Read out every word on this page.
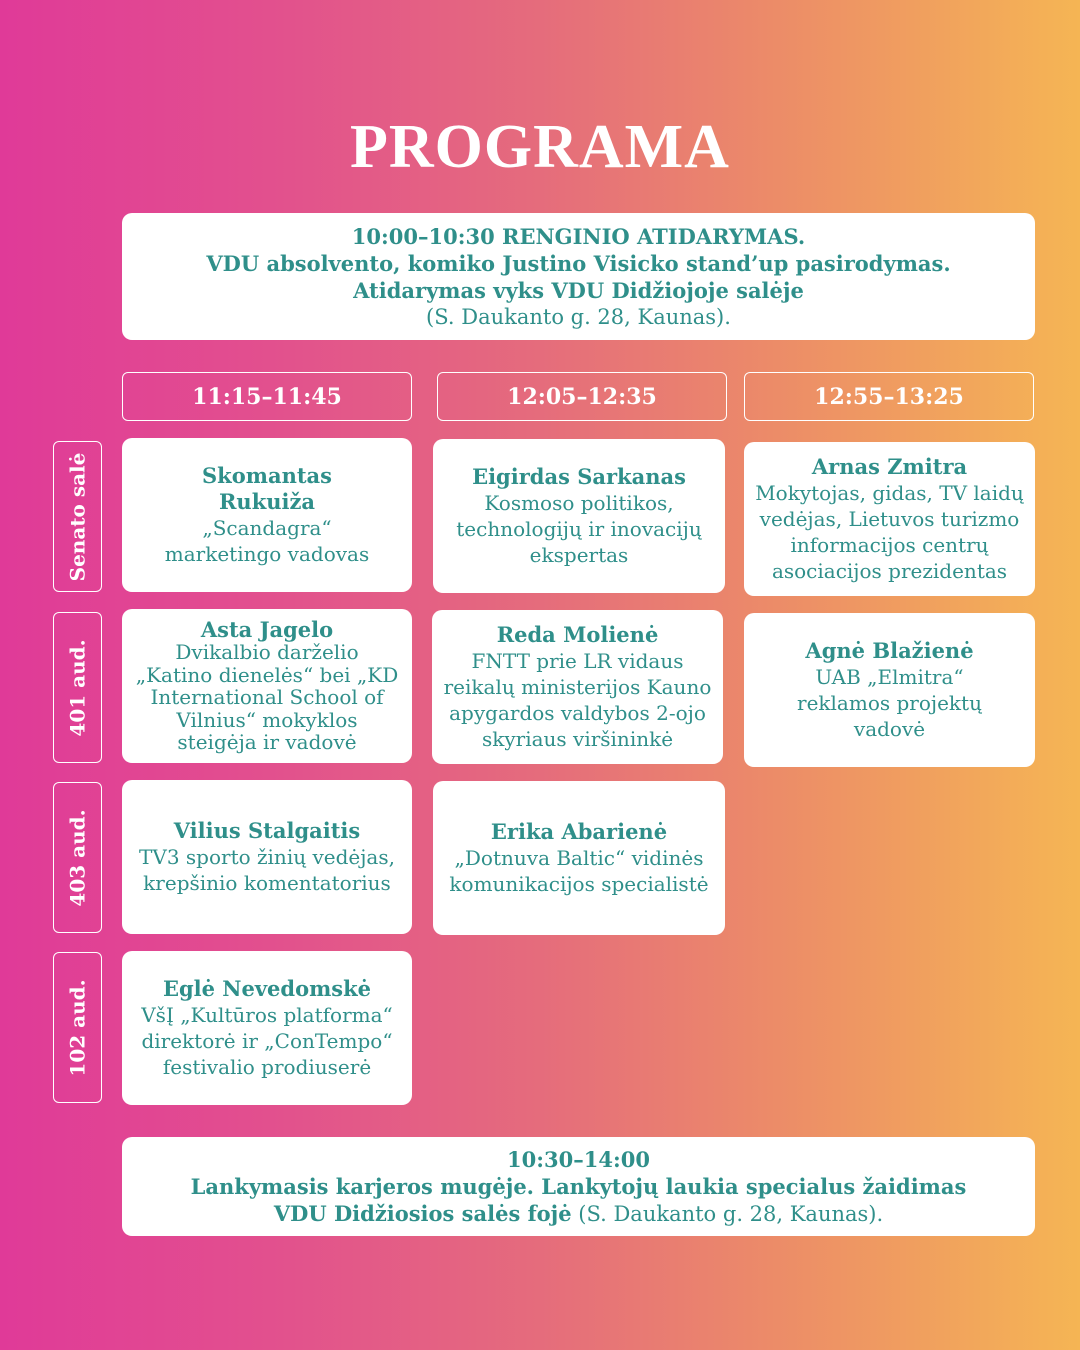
PROGRAMA
10:00–10:30 RENGINIO ATIDARYMAS.
VDU absolvento, komiko Justino Visicko stand’up pasirodymas.
Atidarymas vyks VDU Didžiojoje salėje
(S. Daukanto g. 28, Kaunas).
11:15–11:45	12:05–12:35	12:55–13:25
Senato salė
401 aud.
403 aud.
102 aud.
Skomantas Rukuiža
„Scandagra“ marketingo vadovas
Eigirdas Sarkanas
Kosmoso politikos, technologijų ir inovacijų ekspertas
Arnas Zmitra
Mokytojas, gidas, TV laidų vedėjas, Lietuvos turizmo informacijos centrų asociacijos prezidentas
Asta Jagelo
Dvikalbio darželio „Katino dienelės“ bei „KD International School of Vilnius“ mokyklos steigėja ir vadovė
Reda Molienė
FNTT prie LR vidaus reikalų ministerijos Kauno apygardos valdybos 2-ojo skyriaus viršininkė
Agnė Blažienė
UAB „Elmitra“ reklamos projektų vadovė
Vilius Stalgaitis
TV3 sporto žinių vedėjas, krepšinio komentatorius
Erika Abarienė
„Dotnuva Baltic“ vidinės komunikacijos specialistė
Eglė Nevedomskė
VšĮ „Kultūros platforma“ direktorė ir „ConTempo“ festivalio prodiuserė
10:30–14:00
Lankymasis karjeros mugėje. Lankytojų laukia specialus žaidimas
VDU Didžiosios salės fojė (S. Daukanto g. 28, Kaunas).
